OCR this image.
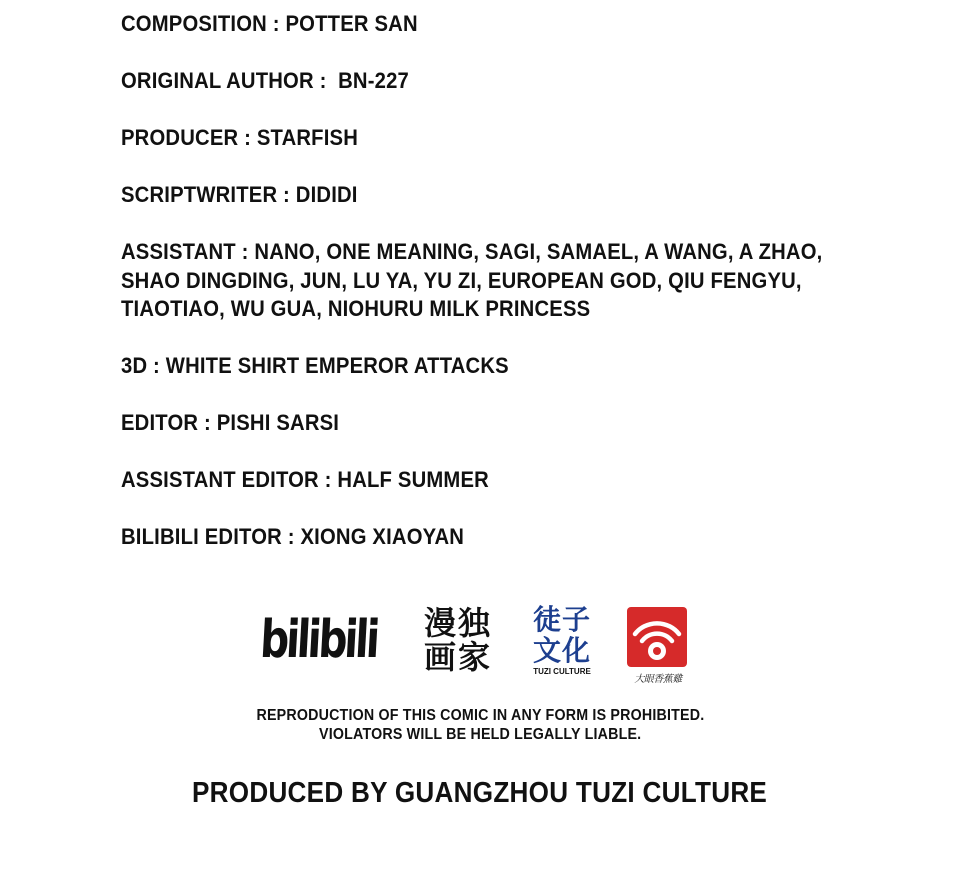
COMPOSITION : POTTER SAN
ORIGINAL AUTHOR :  BN-227
PRODUCER : STARFISH
SCRIPTWRITER : DIDIDI
ASSISTANT : NANO, ONE MEANING, SAGI, SAMAEL, A WANG, A ZHAO,
SHAO DINGDING, JUN, LU YA, YU ZI, EUROPEAN GOD, QIU FENGYU,
TIAOTIAO, WU GUA, NIOHURU MILK PRINCESS
3D : WHITE SHIRT EMPEROR ATTACKS
EDITOR : PISHI SARSI
ASSISTANT EDITOR : HALF SUMMER
BILIBILI EDITOR : XIONG XIAOYAN
bilibili 漫独
画家
徒子
文化
TUZI CULTURE
大眼香蕉雞
REPRODUCTION OF THIS COMIC IN ANY FORM IS PROHIBITED.
VIOLATORS WILL BE HELD LEGALLY LIABLE.
PRODUCED BY GUANGZHOU TUZI CULTURE
